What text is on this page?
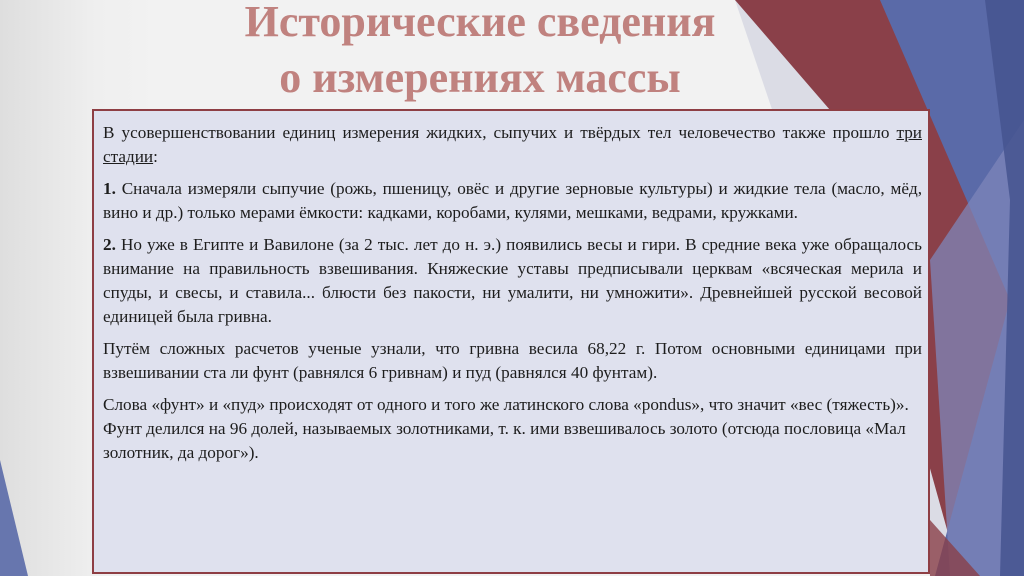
Исторические сведения
о измерениях массы

В усовершенствовании единиц измерения жидких, сыпучих и твёрдых тел человечество также прошло три стадии:

1. Сначала измеряли сыпучие (рожь, пшеницу, овёс и другие зерновые культуры) и жидкие тела (масло, мёд, вино и др.) только мерами ёмкости: кадками, коробами, кулями, мешками, ведрами, кружками.

2. Но уже в Египте и Вавилоне (за 2 тыс. лет до н. э.) появились весы и гири. В средние века уже обращалось внимание на правильность взвешивания. Княжеские уставы предписывали церквам «всяческая мерила и спуды, и свесы, и ставила... блюсти без пакости, ни умалити, ни умножити». Древнейшей русской весовой единицей была гривна.

Путём сложных расчетов ученые узнали, что гривна весила 68,22 г. Потом основными единицами при взвешивании ста ли фунт (равнялся 6 гривнам) и пуд (равнялся 40 фунтам).

Слова «фунт» и «пуд» происходят от одного и того же латинского слова «pondus», что значит «вес (тяжесть)». Фунт делился на 96 долей, называемых золотниками, т. к. ими взвешивалось золото (отсюда пословица «Мал золотник, да дорог»).
